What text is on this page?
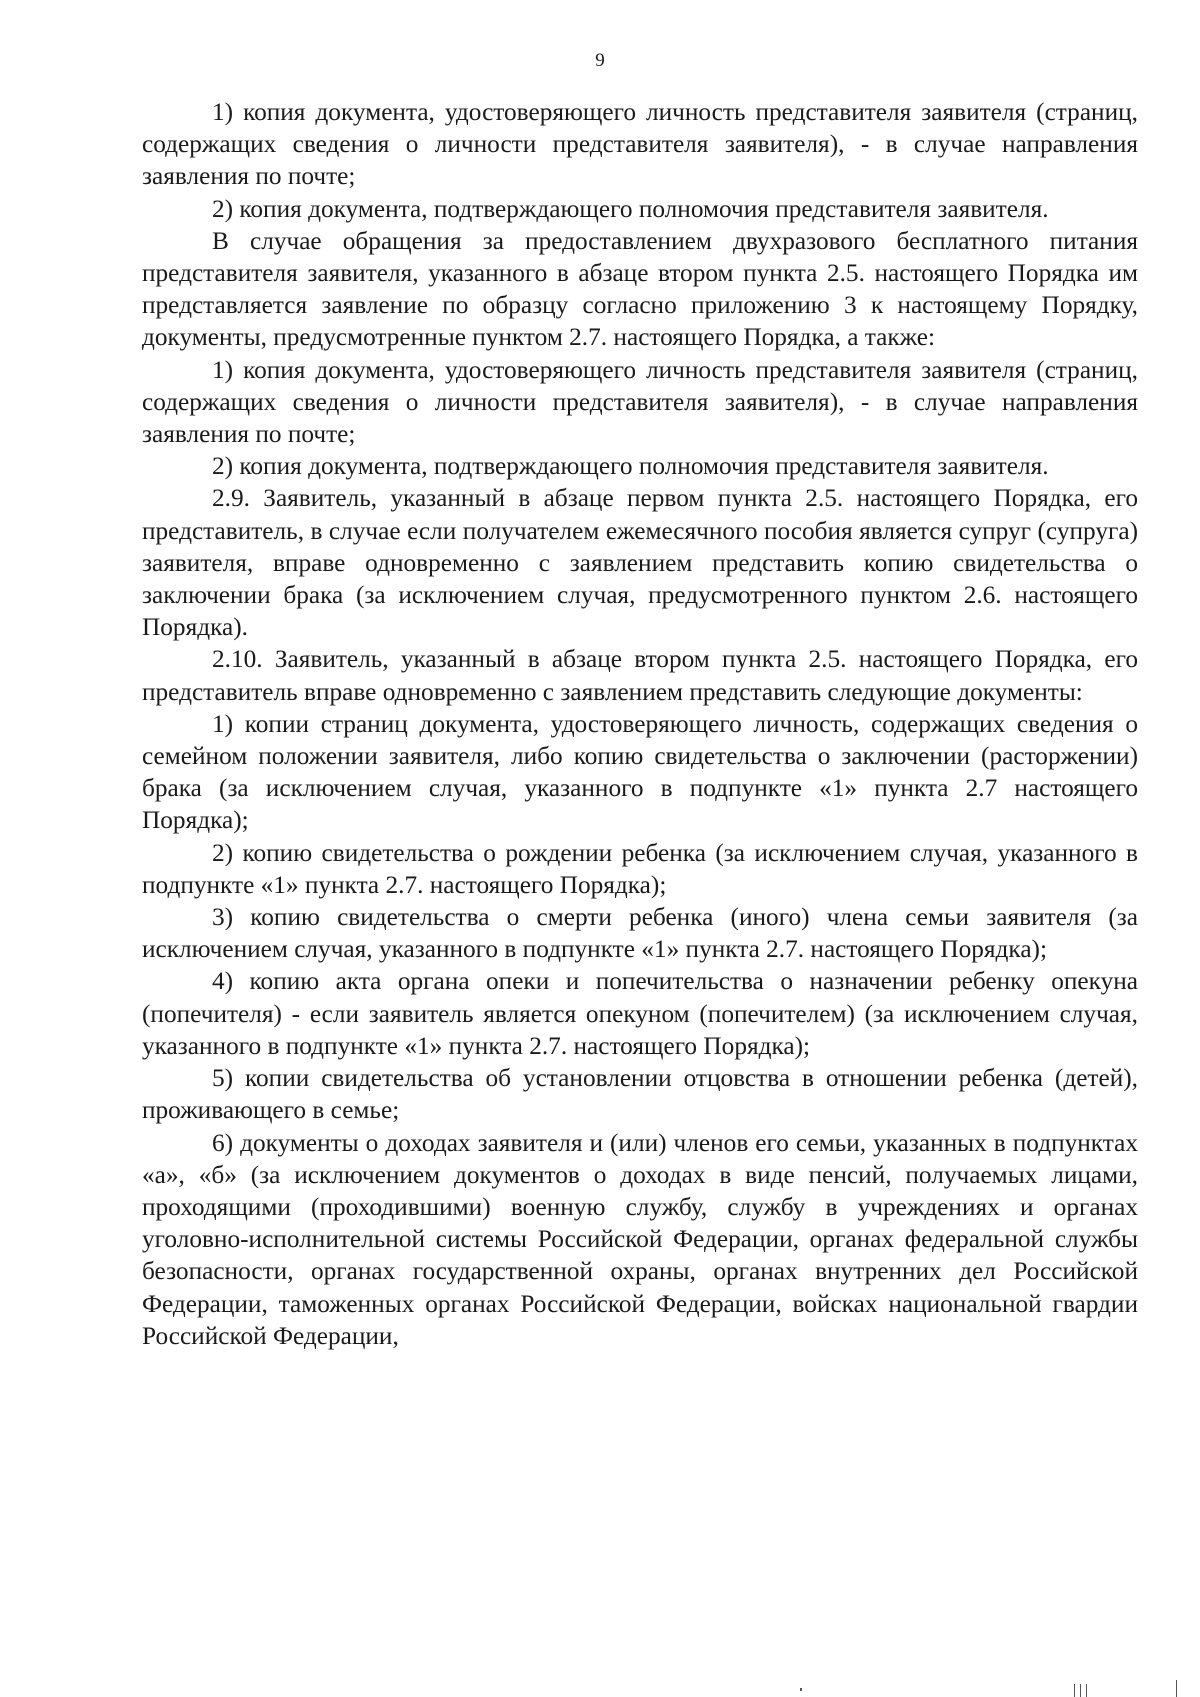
9

1) копия документа, удостоверяющего личность представителя заявителя (страниц, содержащих сведения о личности представителя заявителя), - в случае направления заявления по почте;

2) копия документа, подтверждающего полномочия представителя заявителя.

В случае обращения за предоставлением двухразового бесплатного питания представителя заявителя, указанного в абзаце втором пункта 2.5. настоящего Порядка им представляется заявление по образцу согласно приложению 3 к настоящему Порядку, документы, предусмотренные пунктом 2.7. настоящего Порядка, а также:

1) копия документа, удостоверяющего личность представителя заявителя (страниц, содержащих сведения о личности представителя заявителя), - в случае направления заявления по почте;

2) копия документа, подтверждающего полномочия представителя заявителя.

2.9. Заявитель, указанный в абзаце первом пункта 2.5. настоящего Порядка, его представитель, в случае если получателем ежемесячного пособия является супруг (супруга) заявителя, вправе одновременно с заявлением представить копию свидетельства о заключении брака (за исключением случая, предусмотренного пунктом 2.6. настоящего Порядка).

2.10. Заявитель, указанный в абзаце втором пункта 2.5. настоящего Порядка, его представитель вправе одновременно с заявлением представить следующие документы:

1) копии страниц документа, удостоверяющего личность, содержащих сведения о семейном положении заявителя, либо копию свидетельства о заключении (расторжении) брака (за исключением случая, указанного в подпункте «1» пункта 2.7 настоящего Порядка);

2) копию свидетельства о рождении ребенка (за исключением случая, указанного в подпункте «1» пункта 2.7. настоящего Порядка);

3) копию свидетельства о смерти ребенка (иного) члена семьи заявителя (за исключением случая, указанного в подпункте «1» пункта 2.7. настоящего Порядка);

4) копию акта органа опеки и попечительства о назначении ребенку опекуна (попечителя) - если заявитель является опекуном (попечителем) (за исключением случая, указанного в подпункте «1» пункта 2.7. настоящего Порядка);

5) копии свидетельства об установлении отцовства в отношении ребенка (детей), проживающего в семье;

6) документы о доходах заявителя и (или) членов его семьи, указанных в подпунктах «а», «б» (за исключением документов о доходах в виде пенсий, получаемых лицами, проходящими (проходившими) военную службу, службу в учреждениях и органах уголовно-исполнительной системы Российской Федерации, органах федеральной службы безопасности, органах государственной охраны, органах внутренних дел Российской Федерации, таможенных органах Российской Федерации, войсках национальной гвардии Российской Федерации,
